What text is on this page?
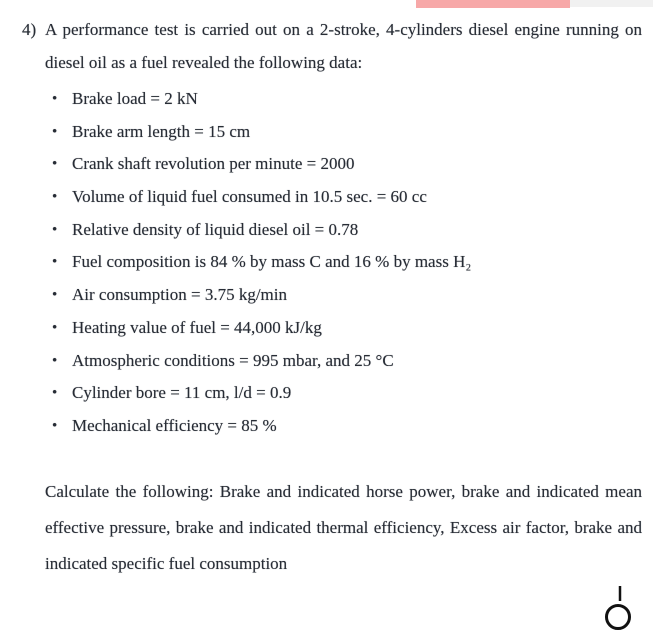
4) A performance test is carried out on a 2-stroke, 4-cylinders diesel engine running on diesel oil as a fuel revealed the following data:
• Brake load = 2 kN
• Brake arm length = 15 cm
• Crank shaft revolution per minute = 2000
• Volume of liquid fuel consumed in 10.5 sec. = 60 cc
• Relative density of liquid diesel oil = 0.78
• Fuel composition is 84 % by mass C and 16 % by mass H₂
• Air consumption = 3.75 kg/min
• Heating value of fuel = 44,000 kJ/kg
• Atmospheric conditions = 995 mbar, and 25 °C
• Cylinder bore = 11 cm, l/d = 0.9
• Mechanical efficiency = 85 %
Calculate the following: Brake and indicated horse power, brake and indicated mean effective pressure, brake and indicated thermal efficiency, Excess air factor, brake and indicated specific fuel consumption
